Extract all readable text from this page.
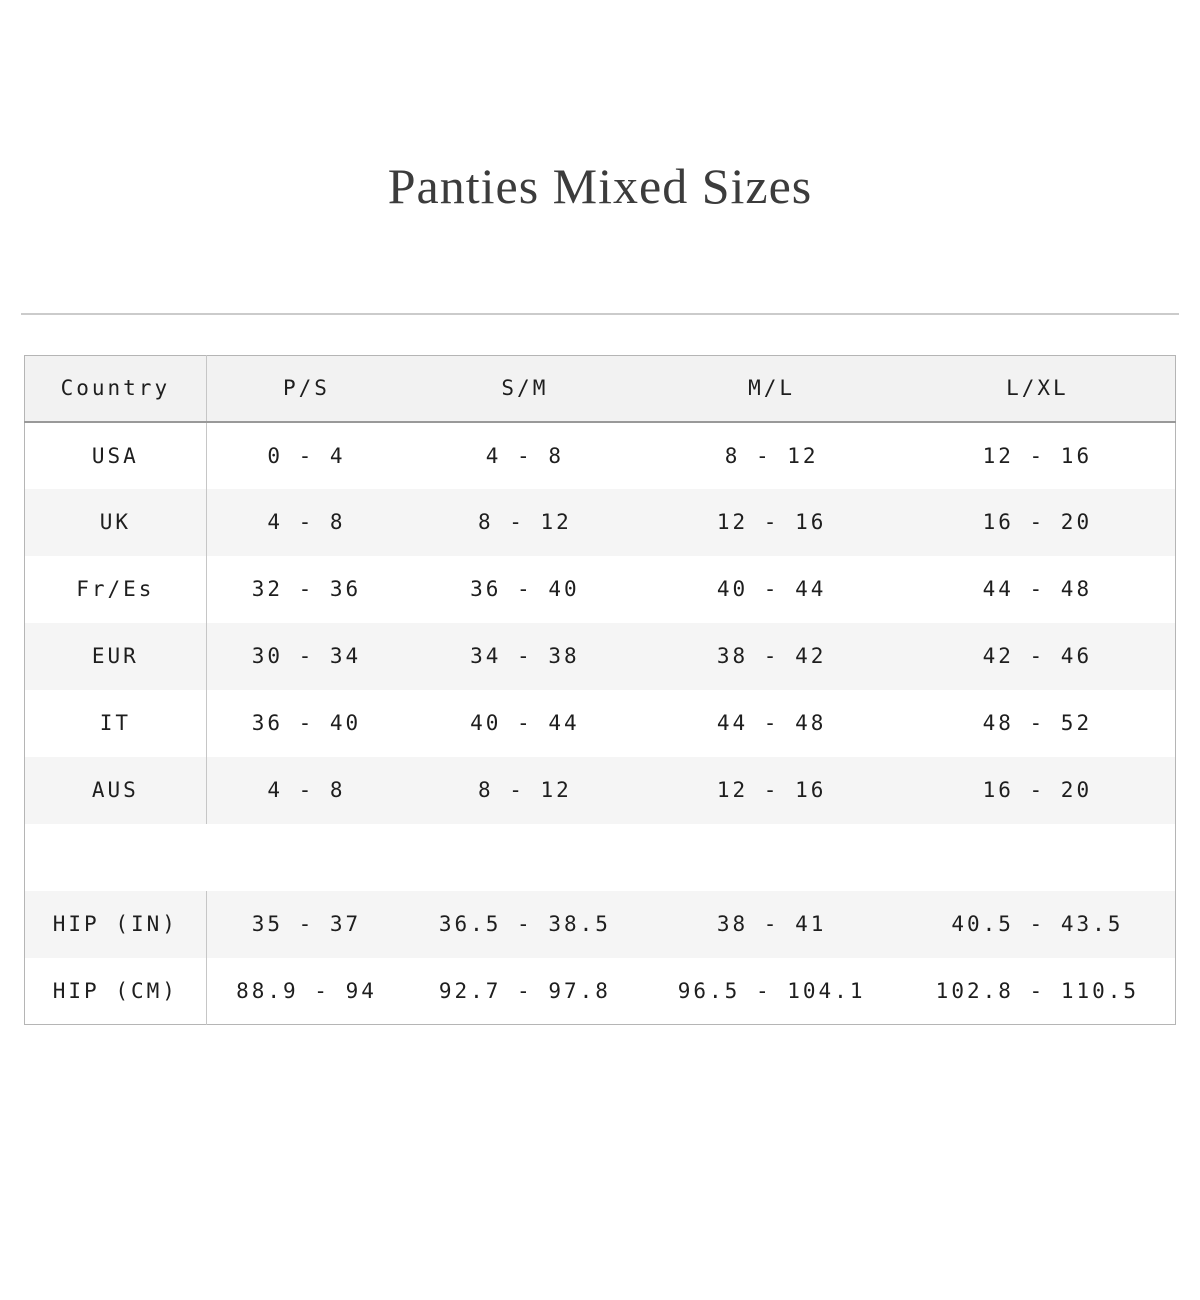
Panties Mixed Sizes
Country	P/S	S/M	M/L	L/XL
USA	0 - 4	4 - 8	8 - 12	12 - 16
UK	4 - 8	8 - 12	12 - 16	16 - 20
Fr/Es	32 - 36	36 - 40	40 - 44	44 - 48
EUR	30 - 34	34 - 38	38 - 42	42 - 46
IT	36 - 40	40 - 44	44 - 48	48 - 52
AUS	4 - 8	8 - 12	12 - 16	16 - 20

HIP (IN)	35 - 37	36.5 - 38.5	38 - 41	40.5 - 43.5
HIP (CM)	88.9 - 94	92.7 - 97.8	96.5 - 104.1	102.8 - 110.5
